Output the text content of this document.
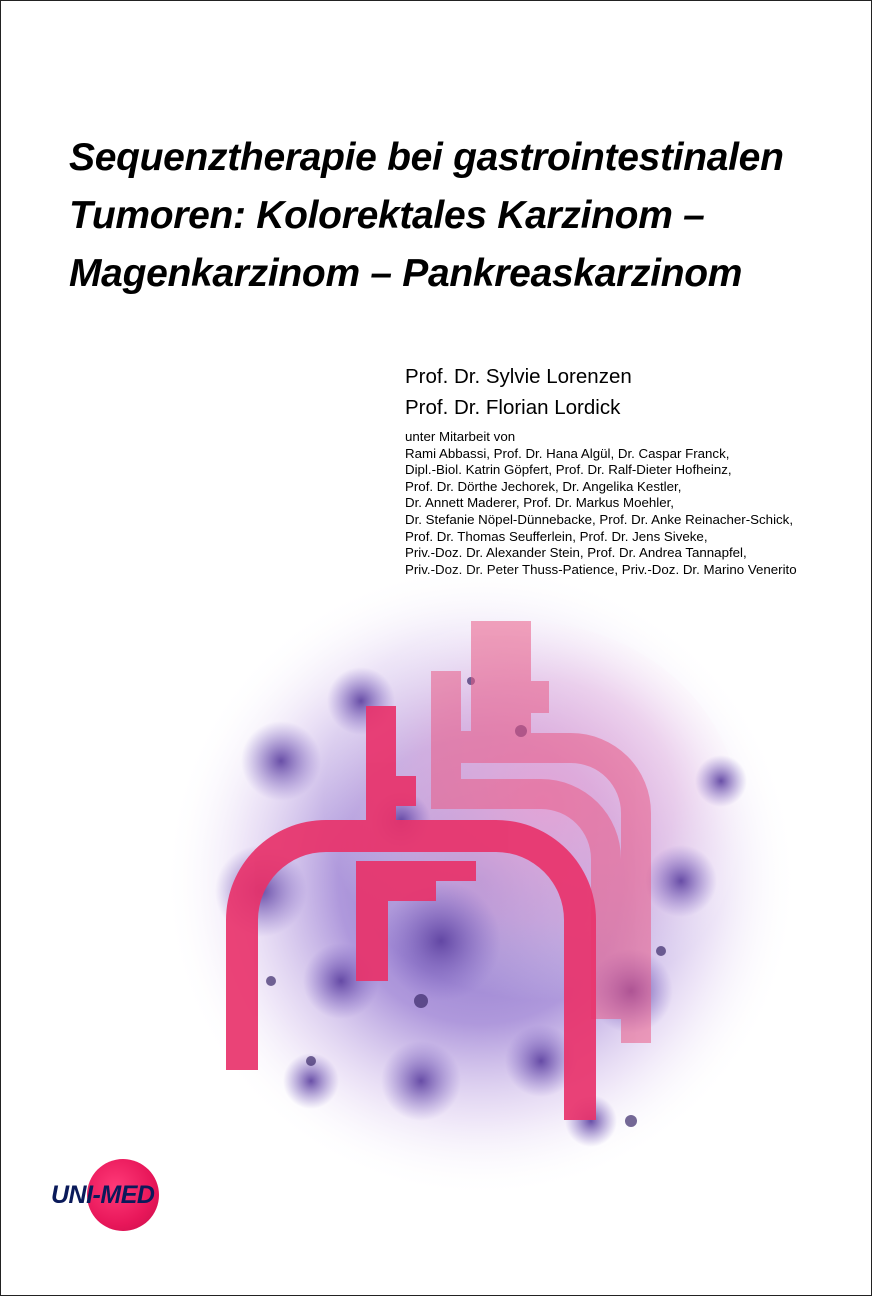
Sequenztherapie bei gastrointestinalen
Tumoren: Kolorektales Karzinom –
Magenkarzinom – Pankreaskarzinom
Prof. Dr. Sylvie Lorenzen
Prof. Dr. Florian Lordick
unter Mitarbeit von
Rami Abbassi, Prof. Dr. Hana Algül, Dr. Caspar Franck,
Dipl.-Biol. Katrin Göpfert, Prof. Dr. Ralf-Dieter Hofheinz,
Prof. Dr. Dörthe Jechorek, Dr. Angelika Kestler,
Dr. Annett Maderer, Prof. Dr. Markus Moehler,
Dr. Stefanie Nöpel-Dünnebacke, Prof. Dr. Anke Reinacher-Schick,
Prof. Dr. Thomas Seufferlein, Prof. Dr. Jens Siveke,
Priv.-Doz. Dr. Alexander Stein, Prof. Dr. Andrea Tannapfel,
Priv.-Doz. Dr. Peter Thuss-Patience, Priv.-Doz. Dr. Marino Venerito
UNI-MED
